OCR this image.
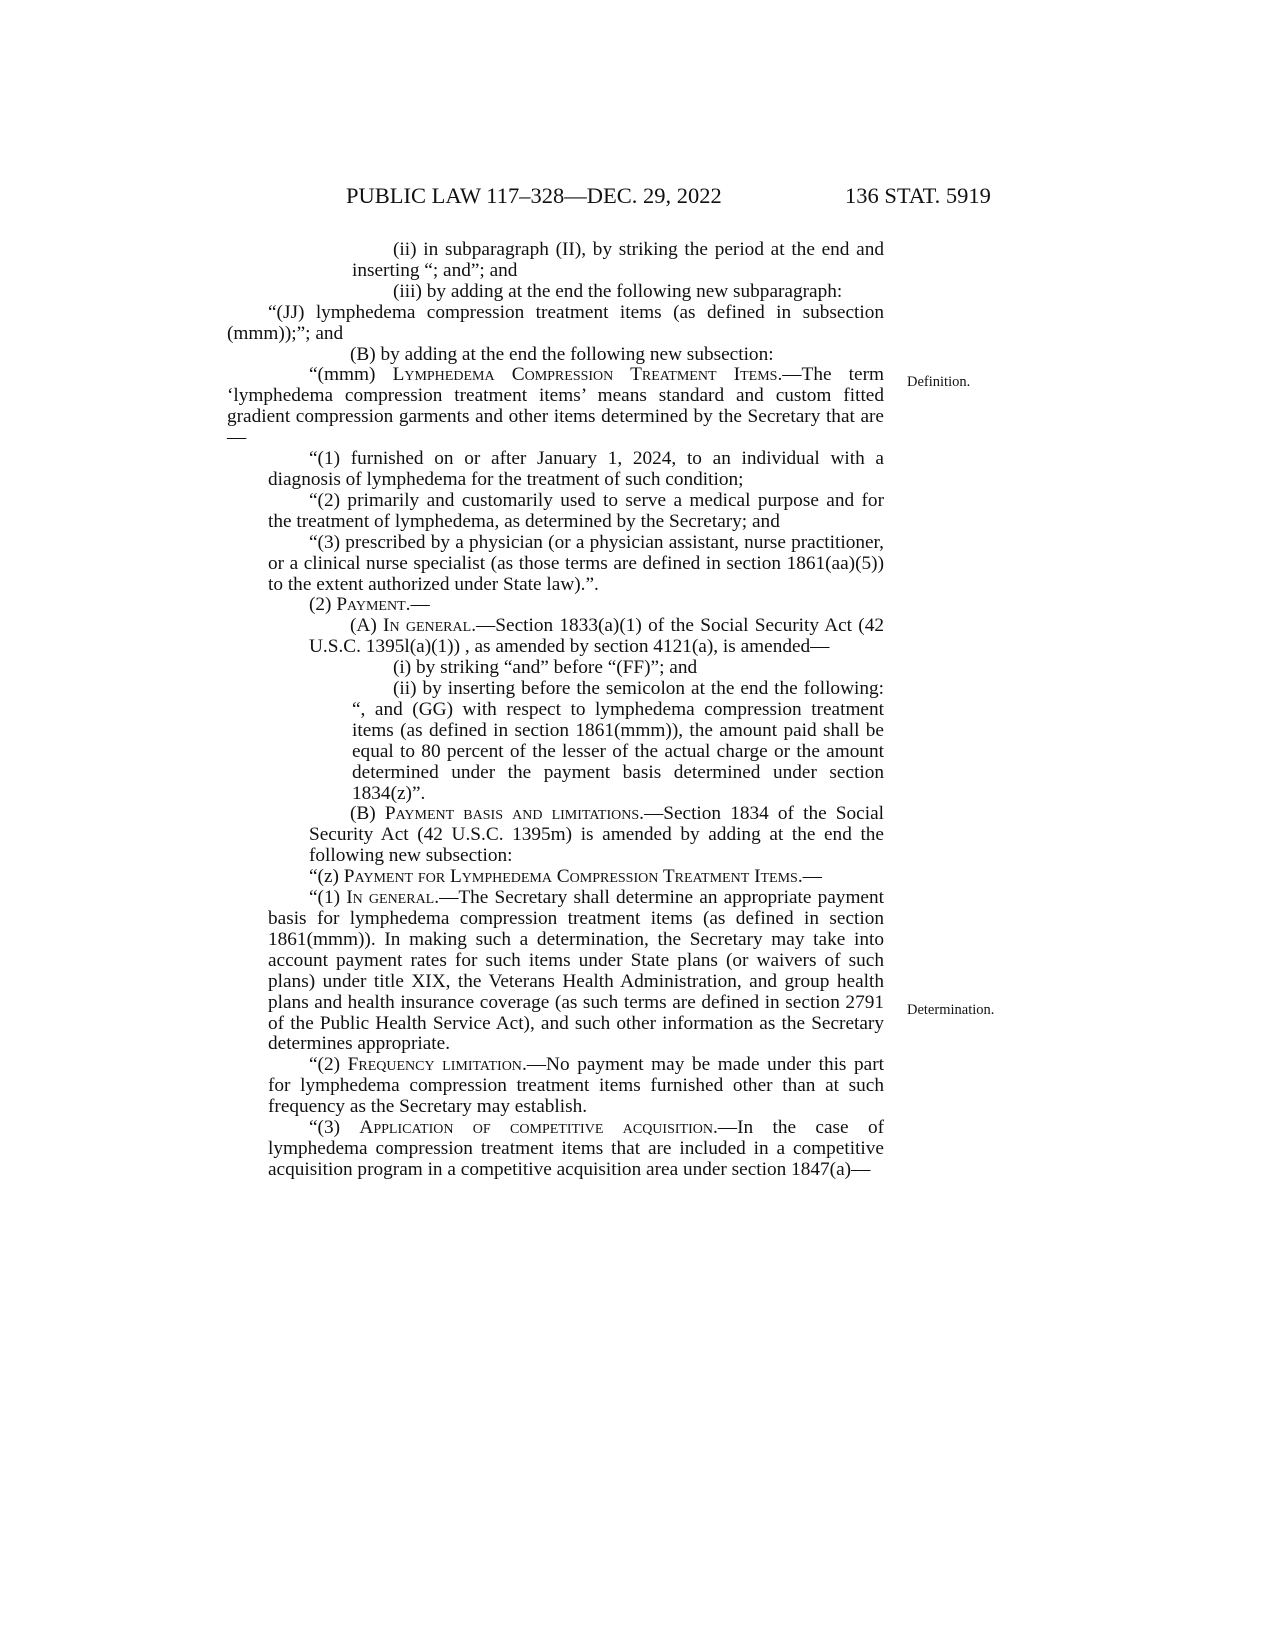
PUBLIC LAW 117–328—DEC. 29, 2022	136 STAT. 5919
Definition.
Determination.
(ii) in subparagraph (II), by striking the period at the end and inserting “; and”; and
(iii) by adding at the end the following new subparagraph:
“(JJ) lymphedema compression treatment items (as defined in subsection (mmm));”; and
(B) by adding at the end the following new subsection:
“(mmm) Lymphedema Compression Treatment Items.—The term ‘lymphedema compression treatment items’ means standard and custom fitted gradient compression garments and other items determined by the Secretary that are—
“(1) furnished on or after January 1, 2024, to an individual with a diagnosis of lymphedema for the treatment of such condition;
“(2) primarily and customarily used to serve a medical purpose and for the treatment of lymphedema, as determined by the Secretary; and
“(3) prescribed by a physician (or a physician assistant, nurse practitioner, or a clinical nurse specialist (as those terms are defined in section 1861(aa)(5)) to the extent authorized under State law).”.
(2) Payment.—
(A) In general.—Section 1833(a)(1) of the Social Security Act (42 U.S.C. 1395l(a)(1)) , as amended by section 4121(a), is amended—
(i) by striking “and” before “(FF)”; and
(ii) by inserting before the semicolon at the end the following: “, and (GG) with respect to lymphedema compression treatment items (as defined in section 1861(mmm)), the amount paid shall be equal to 80 percent of the lesser of the actual charge or the amount determined under the payment basis determined under section 1834(z)”.
(B) Payment basis and limitations.—Section 1834 of the Social Security Act (42 U.S.C. 1395m) is amended by adding at the end the following new subsection:
“(z) Payment for Lymphedema Compression Treatment Items.—
“(1) In general.—The Secretary shall determine an appropriate payment basis for lymphedema compression treatment items (as defined in section 1861(mmm)). In making such a determination, the Secretary may take into account payment rates for such items under State plans (or waivers of such plans) under title XIX, the Veterans Health Administration, and group health plans and health insurance coverage (as such terms are defined in section 2791 of the Public Health Service Act), and such other information as the Secretary determines appropriate.
“(2) Frequency limitation.—No payment may be made under this part for lymphedema compression treatment items furnished other than at such frequency as the Secretary may establish.
“(3) Application of competitive acquisition.—In the case of lymphedema compression treatment items that are included in a competitive acquisition program in a competitive acquisition area under section 1847(a)—
